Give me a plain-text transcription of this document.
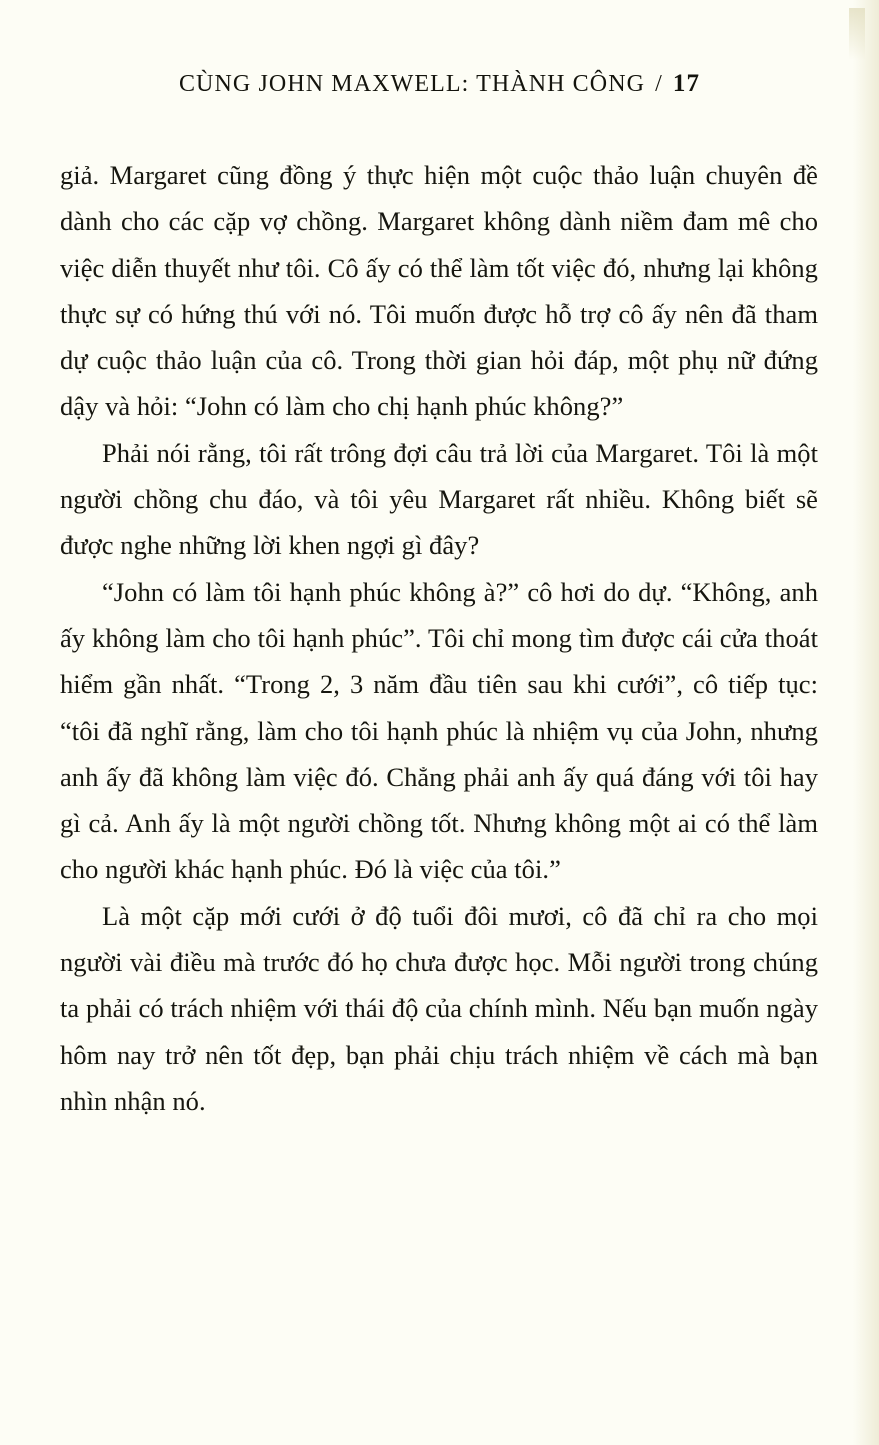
CÙNG JOHN MAXWELL: THÀNH CÔNG / 17

giả. Margaret cũng đồng ý thực hiện một cuộc thảo luận chuyên đề dành cho các cặp vợ chồng. Margaret không dành niềm đam mê cho việc diễn thuyết như tôi. Cô ấy có thể làm tốt việc đó, nhưng lại không thực sự có hứng thú với nó. Tôi muốn được hỗ trợ cô ấy nên đã tham dự cuộc thảo luận của cô. Trong thời gian hỏi đáp, một phụ nữ đứng dậy và hỏi: “John có làm cho chị hạnh phúc không?”

Phải nói rằng, tôi rất trông đợi câu trả lời của Margaret. Tôi là một người chồng chu đáo, và tôi yêu Margaret rất nhiều. Không biết sẽ được nghe những lời khen ngợi gì đây?

“John có làm tôi hạnh phúc không à?” cô hơi do dự. “Không, anh ấy không làm cho tôi hạnh phúc”. Tôi chỉ mong tìm được cái cửa thoát hiểm gần nhất. “Trong 2, 3 năm đầu tiên sau khi cưới”, cô tiếp tục: “tôi đã nghĩ rằng, làm cho tôi hạnh phúc là nhiệm vụ của John, nhưng anh ấy đã không làm việc đó. Chẳng phải anh ấy quá đáng với tôi hay gì cả. Anh ấy là một người chồng tốt. Nhưng không một ai có thể làm cho người khác hạnh phúc. Đó là việc của tôi.”

Là một cặp mới cưới ở độ tuổi đôi mươi, cô đã chỉ ra cho mọi người vài điều mà trước đó họ chưa được học. Mỗi người trong chúng ta phải có trách nhiệm với thái độ của chính mình. Nếu bạn muốn ngày hôm nay trở nên tốt đẹp, bạn phải chịu trách nhiệm về cách mà bạn nhìn nhận nó.
